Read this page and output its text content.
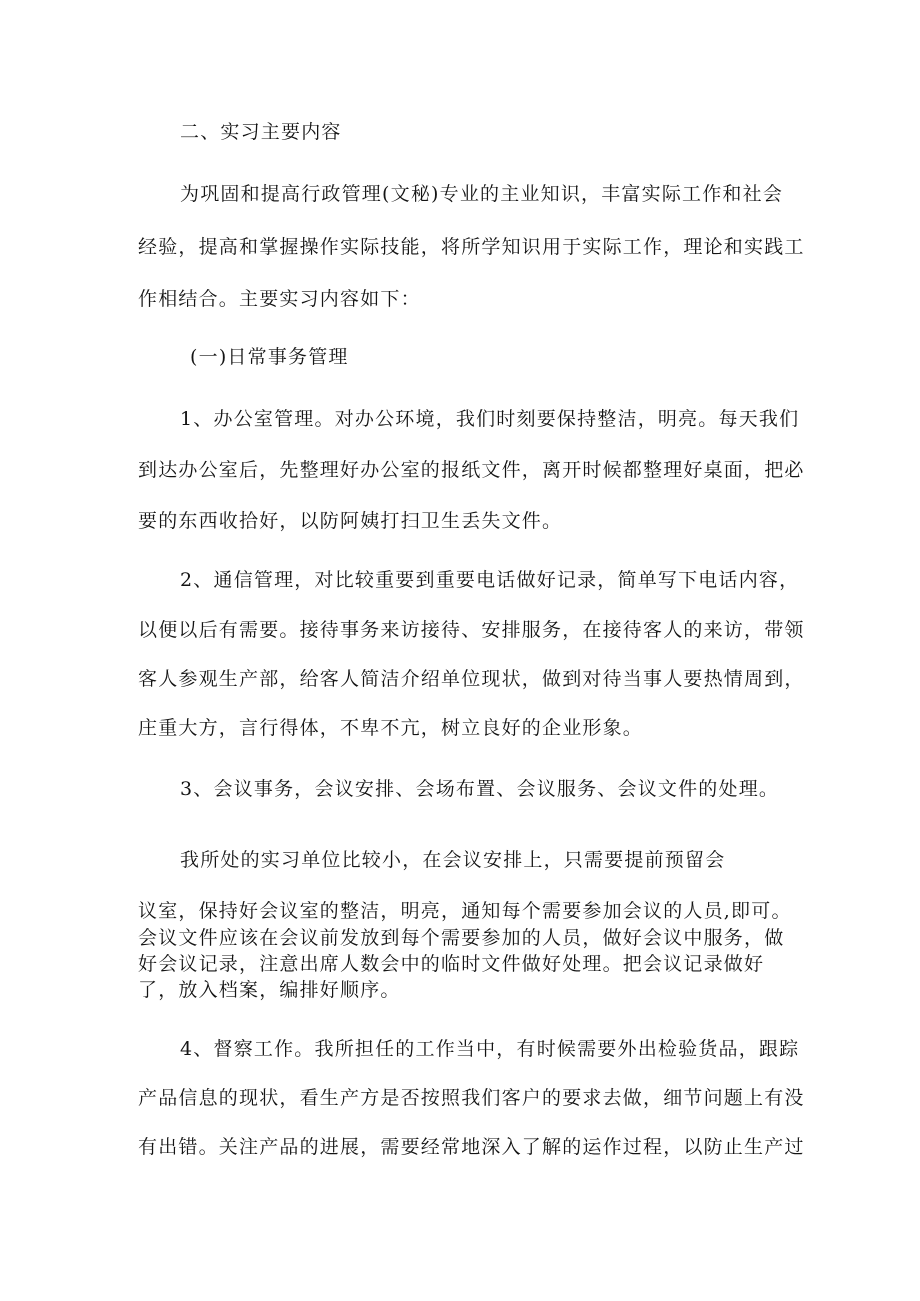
二、实习主要内容
为巩固和提高行政管理(文秘)专业的主业知识，丰富实际工作和社会
经验，提高和掌握操作实际技能，将所学知识用于实际工作，理论和实践工
作相结合。主要实习内容如下：
(一)日常事务管理
1、办公室管理。对办公环境，我们时刻要保持整洁，明亮。每天我们
到达办公室后，先整理好办公室的报纸文件，离开时候都整理好桌面，把必
要的东西收拾好，以防阿姨打扫卫生丢失文件。
2、通信管理，对比较重要到重要电话做好记录，简单写下电话内容，
以便以后有需要。接待事务来访接待、安排服务，在接待客人的来访，带领
客人参观生产部，给客人简洁介绍单位现状，做到对待当事人要热情周到，
庄重大方，言行得体，不卑不亢，树立良好的企业形象。
3、会议事务，会议安排、会场布置、会议服务、会议文件的处理。
我所处的实习单位比较小，在会议安排上，只需要提前预留会
议室，保持好会议室的整洁，明亮，通知每个需要参加会议的人员,即可。
会议文件应该在会议前发放到每个需要参加的人员，做好会议中服务，做
好会议记录，注意出席人数会中的临时文件做好处理。把会议记录做好
了，放入档案，编排好顺序。
4、督察工作。我所担任的工作当中，有时候需要外出检验货品，跟踪
产品信息的现状，看生产方是否按照我们客户的要求去做，细节问题上有没
有出错。关注产品的进展，需要经常地深入了解的运作过程，以防止生产过
